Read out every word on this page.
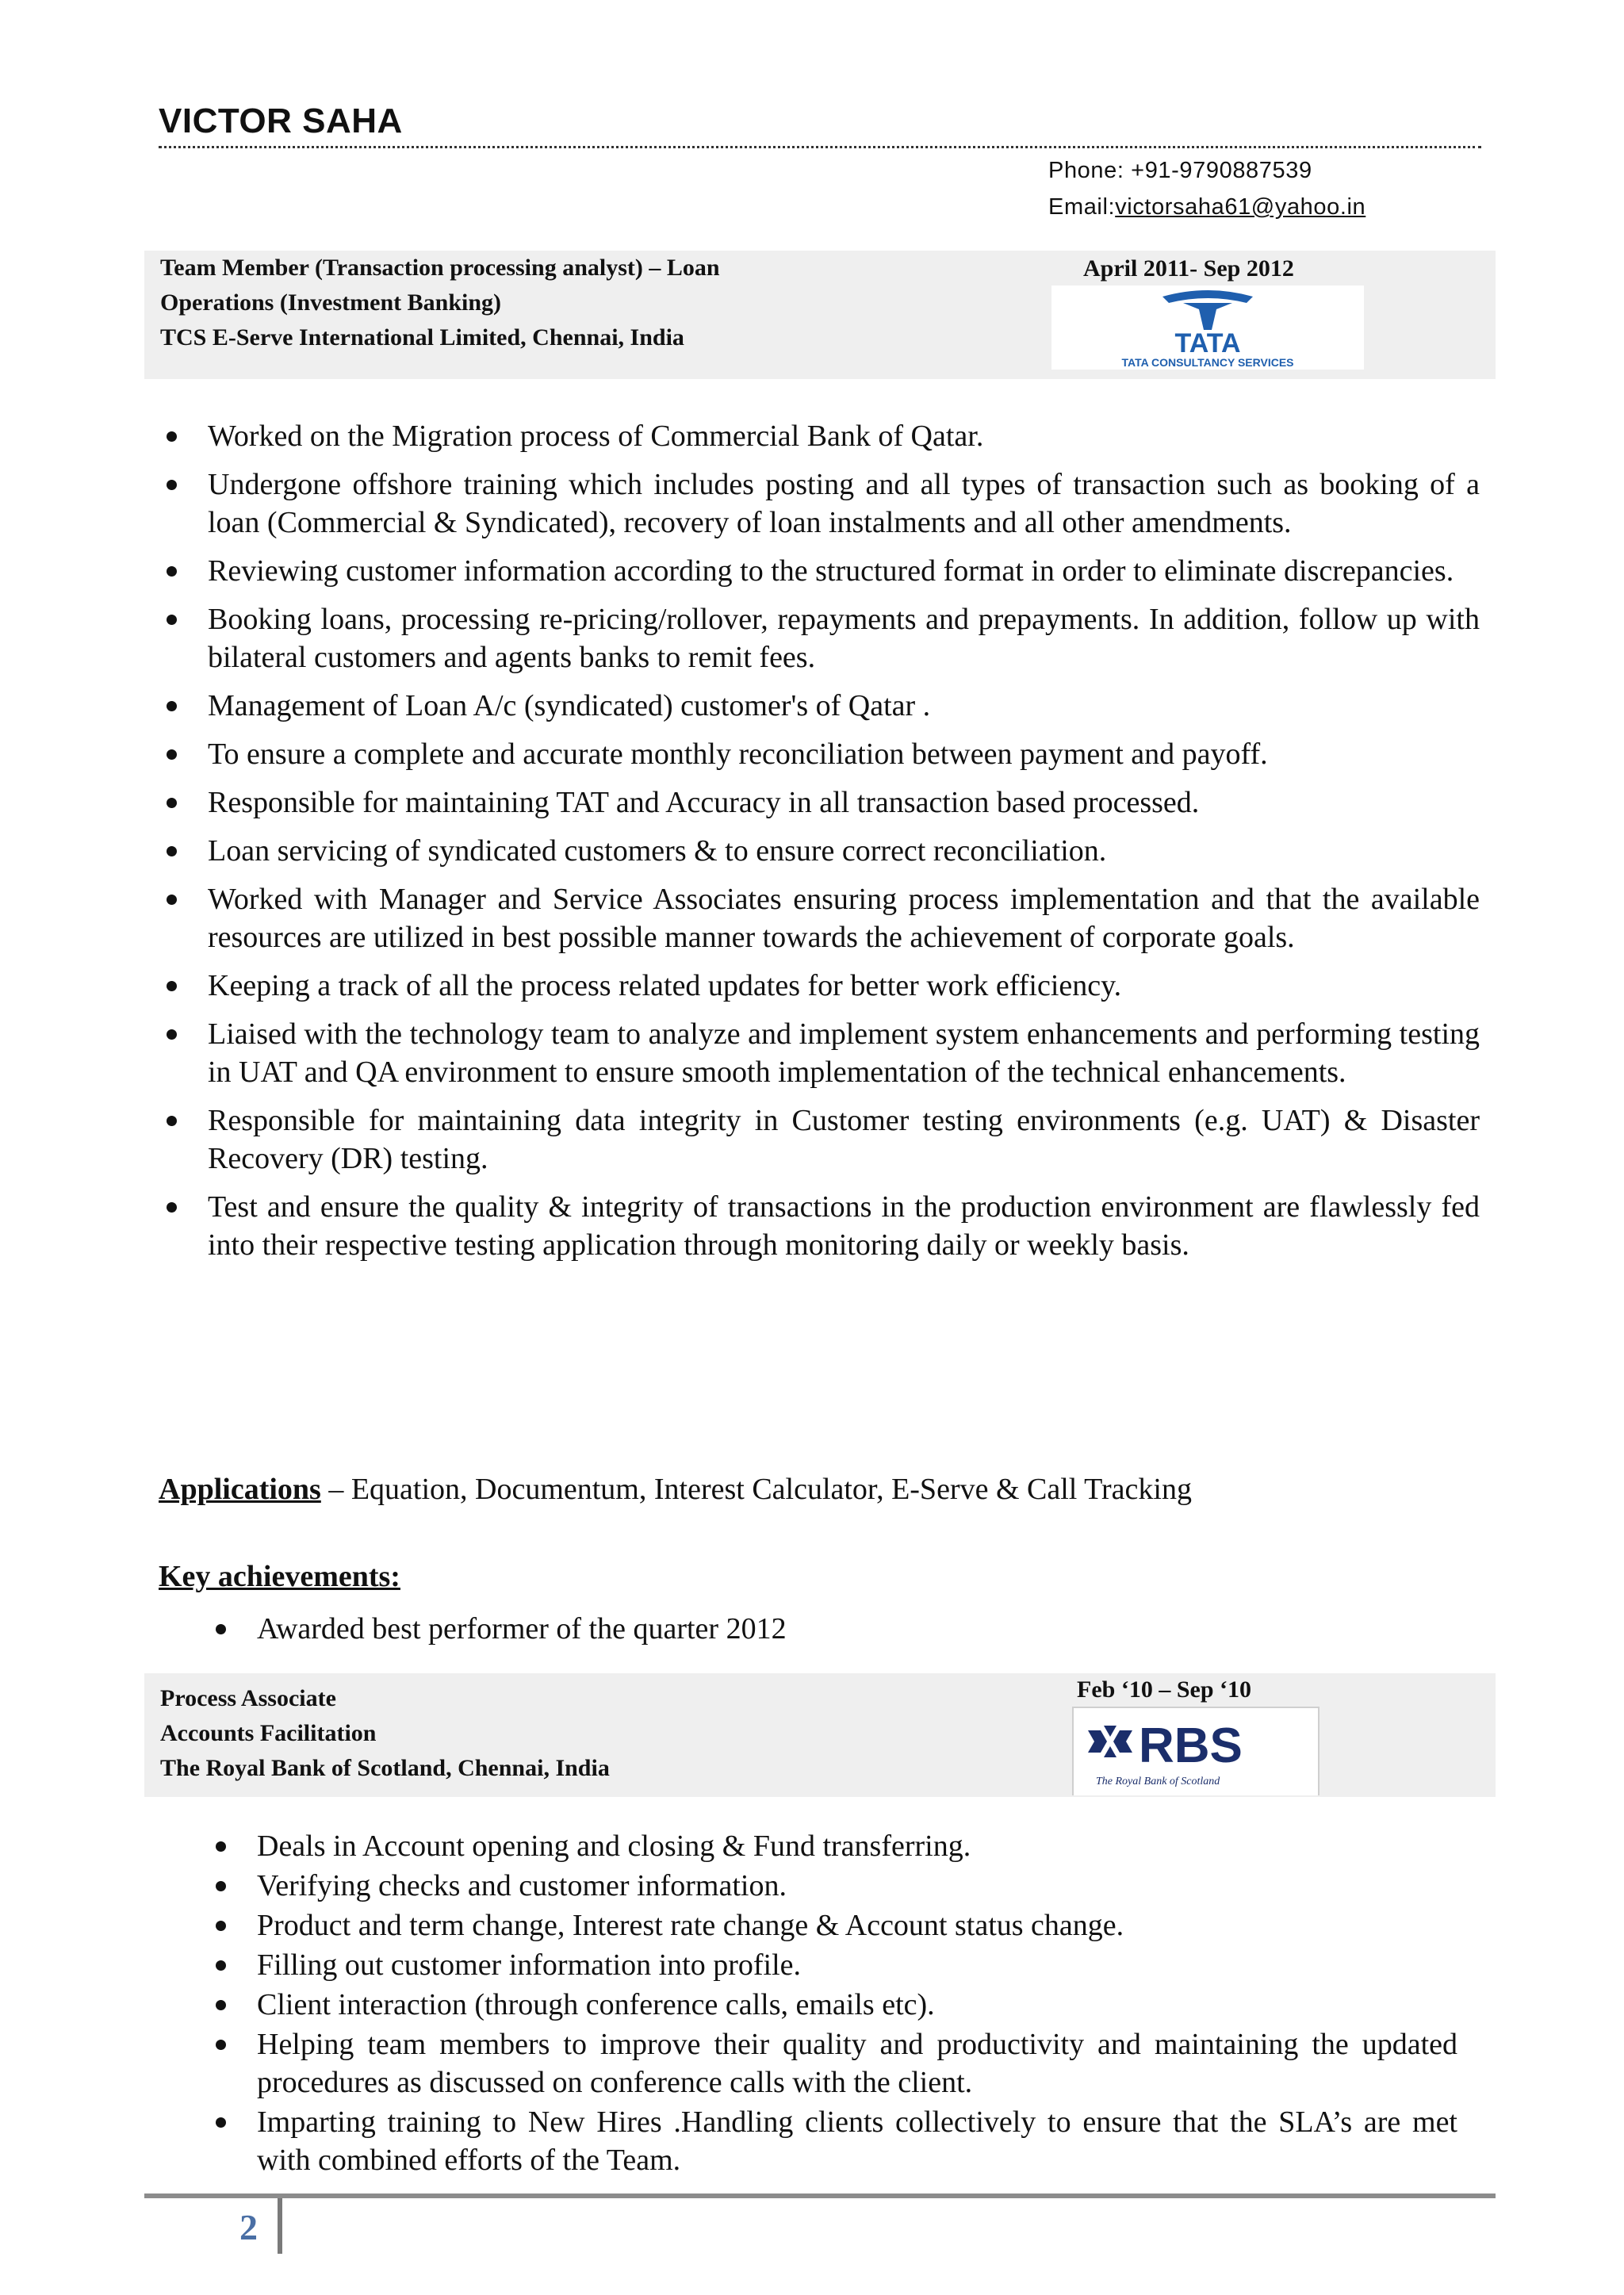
VICTOR SAHA
Phone: +91-9790887539
Email:victorsaha61@yahoo.in
Team Member (Transaction processing analyst) – Loan
Operations (Investment Banking)
TCS E-Serve International Limited, Chennai, India
April 2011- Sep 2012
TATA
TATA CONSULTANCY SERVICES
Worked on the Migration process of Commercial Bank of Qatar.
Undergone offshore training which includes posting and all types of transaction such as booking of a loan (Commercial & Syndicated), recovery of loan instalments and all other amendments.
Reviewing customer information according to the structured format in order to eliminate discrepancies.
Booking loans, processing re-pricing/rollover, repayments and prepayments. In addition, follow up with bilateral customers and agents banks to remit fees.
Management of Loan A/c (syndicated) customer's of Qatar .
To ensure a complete and accurate monthly reconciliation between payment and payoff.
Responsible for maintaining TAT and Accuracy in all transaction based processed.
Loan servicing of syndicated customers & to ensure correct reconciliation.
Worked with Manager and Service Associates ensuring process implementation and that the available resources are utilized in best possible manner towards the achievement of corporate goals.
Keeping a track of all the process related updates for better work efficiency.
Liaised with the technology team to analyze and implement system enhancements and performing testing in UAT and QA environment to ensure smooth implementation of the technical enhancements.
Responsible for maintaining data integrity in Customer testing environments (e.g. UAT) & Disaster Recovery (DR) testing.
Test and ensure the quality & integrity of transactions in the production environment are flawlessly fed into their respective testing application through monitoring daily or weekly basis.
Applications – Equation, Documentum, Interest Calculator, E-Serve & Call Tracking
Key achievements:
Awarded best performer of the quarter 2012
Process Associate
Accounts Facilitation
The Royal Bank of Scotland, Chennai, India
Feb ‘10 – Sep ‘10
RBS
The Royal Bank of Scotland
Deals in Account opening and closing & Fund transferring.
Verifying checks and customer information.
Product and term change, Interest rate change & Account status change.
Filling out customer information into profile.
Client interaction (through conference calls, emails etc).
Helping team members to improve their quality and productivity and maintaining the updated procedures as discussed on conference calls with the client.
Imparting training to New Hires .Handling clients collectively to ensure that the SLA’s are met with combined efforts of the Team.
2
